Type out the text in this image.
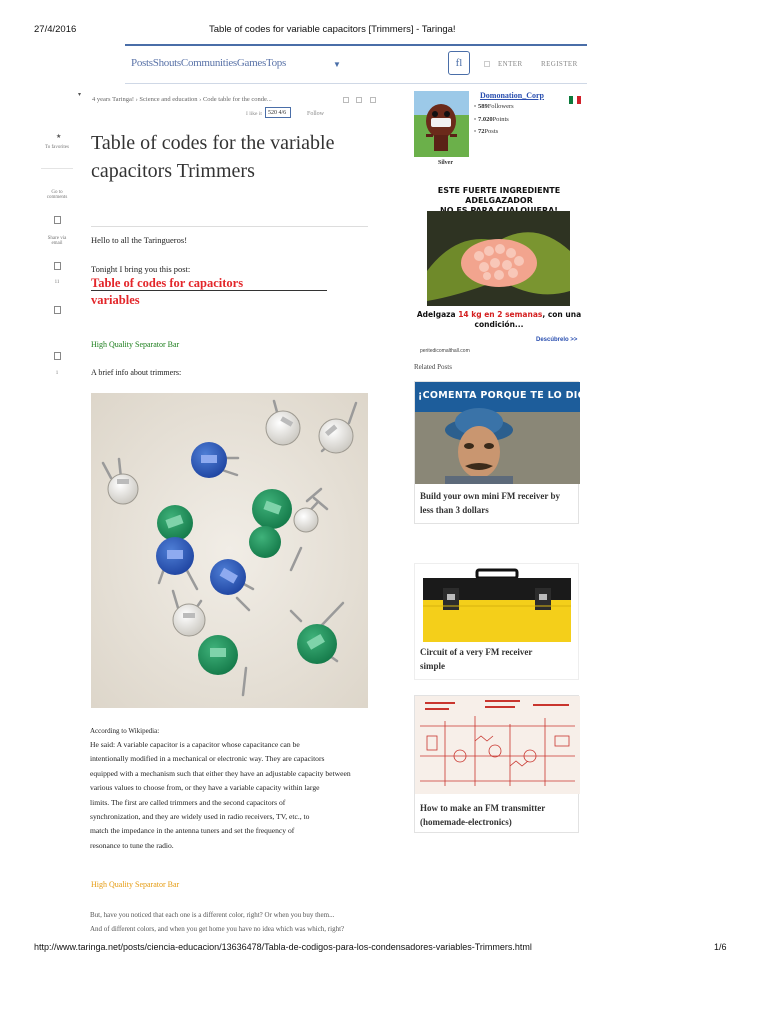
27/4/2016	Table of codes for variable capacitors [Trimmers] - Taringa!
http://www.taringa.net/posts/ciencia-educacion/13636478/Tabla-de-codigos-para-los-condensadores-variables-Trimmers.html	1/6
PostsShoutsCommunitiesGamesTops	▼	fl	ENTER	REGISTER
★
To favorites
Go to comments
Share via email
11
1
▾
4 years Taringa! › Science and education › Code table for the conde...
I like it	520 4/6	Follow
Table of codes for the variable capacitors Trimmers
Hello to all the Taringueros!
Tonight I bring you this post:
Table of codes for capacitors
variables
High Quality Separator Bar
A brief info about trimmers:
According to Wikipedia:
He said: A variable capacitor is a capacitor whose capacitance can be
intentionally modified in a mechanical or electronic way. They are capacitors
equipped with a mechanism such that either they have an adjustable capacity between
various values to choose from, or they have a variable capacity within large
limits. The first are called trimmers and the second capacitors of
synchronization, and they are widely used in radio receivers, TV, etc., to
match the impedance in the antenna tuners and set the frequency of
resonance to tune the radio.
High Quality Separator Bar
But, have you noticed that each one is a different color, right? Or when you buy them...
And of different colors, and when you get home you have no idea which was which, right?
Domonation_Corp
▫ 589Followers
▫ 7.020Points
▫ 72Posts
Silver
ESTE FUERTE INGREDIENTE ADELGAZADOR
Adelgaza 14 kg en 2 semanas, con una
condición...
Descúbrelo >>
peritedicomalthall.com
Related Posts
¡COMENTA PORQUE TE LO DIGO YO!
Build your own mini FM receiver by
less than 3 dollars
Circuit of a very FM receiver
simple
How to make an FM transmitter
(homemade-electronics)
